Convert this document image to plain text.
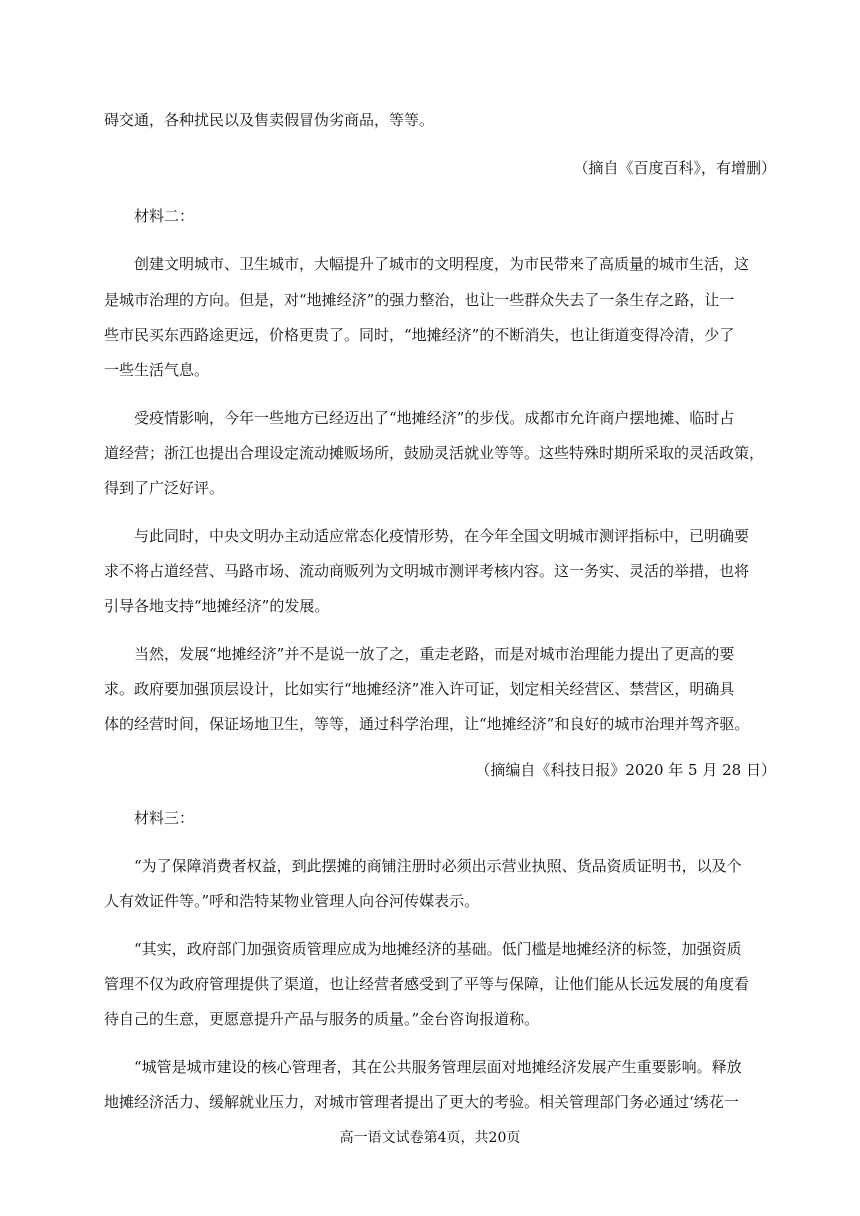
碍交通，各种扰民以及售卖假冒伪劣商品，等等。
（摘自《百度百科》，有增删）
材料二：
创建文明城市、卫生城市，大幅提升了城市的文明程度，为市民带来了高质量的城市生活，这
是城市治理的方向。但是，对“地摊经济”的强力整治，也让一些群众失去了一条生存之路，让一
些市民买东西路途更远，价格更贵了。同时，“地摊经济”的不断消失，也让街道变得冷清，少了
一些生活气息。
受疫情影响，今年一些地方已经迈出了“地摊经济”的步伐。成都市允许商户摆地摊、临时占
道经营；浙江也提出合理设定流动摊贩场所，鼓励灵活就业等等。这些特殊时期所采取的灵活政策，
得到了广泛好评。
与此同时，中央文明办主动适应常态化疫情形势，在今年全国文明城市测评指标中，已明确要
求不将占道经营、马路市场、流动商贩列为文明城市测评考核内容。这一务实、灵活的举措，也将
引导各地支持“地摊经济”的发展。
当然，发展“地摊经济”并不是说一放了之，重走老路，而是对城市治理能力提出了更高的要
求。政府要加强顶层设计，比如实行“地摊经济”准入许可证，划定相关经营区、禁营区，明确具
体的经营时间，保证场地卫生，等等，通过科学治理，让“地摊经济”和良好的城市治理并驾齐驱。
（摘编自《科技日报》2020 年 5 月 28 日）
材料三：
“为了保障消费者权益，到此摆摊的商铺注册时必须出示营业执照、货品资质证明书，以及个
人有效证件等。”呼和浩特某物业管理人向谷河传媒表示。
“其实，政府部门加强资质管理应成为地摊经济的基础。低门槛是地摊经济的标签，加强资质
管理不仅为政府管理提供了渠道，也让经营者感受到了平等与保障，让他们能从长远发展的角度看
待自己的生意，更愿意提升产品与服务的质量。”金台咨询报道称。
“城管是城市建设的核心管理者，其在公共服务管理层面对地摊经济发展产生重要影响。释放
地摊经济活力、缓解就业压力，对城市管理者提出了更大的考验。相关管理部门务必通过‘绣花一
高一语文试卷第4页，共20页
